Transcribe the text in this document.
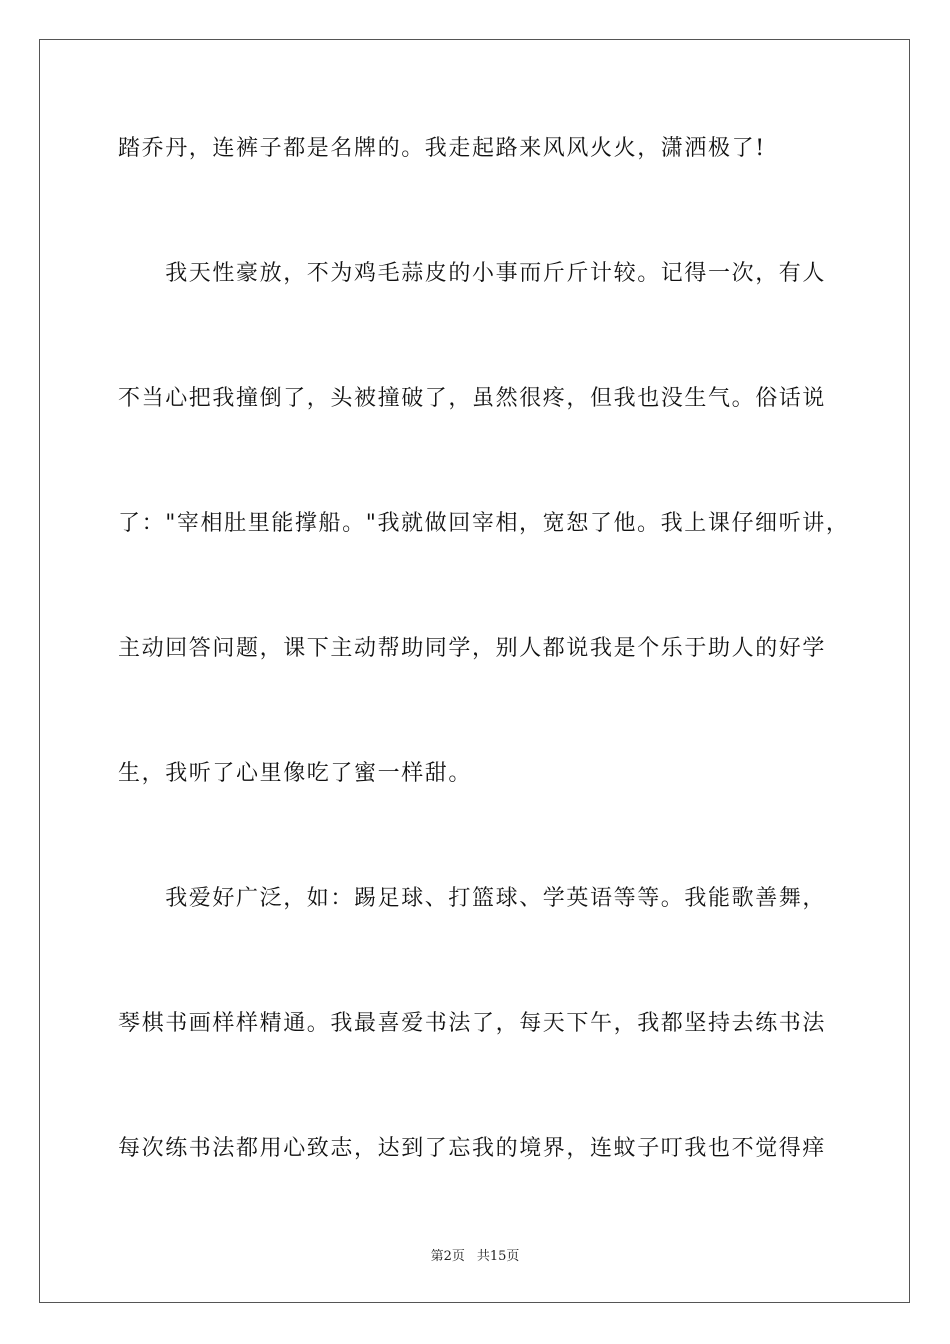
踏乔丹，连裤子都是名牌的。我走起路来风风火火，潇洒极了!
　　我天性豪放，不为鸡毛蒜皮的小事而斤斤计较。记得一次，有人
不当心把我撞倒了，头被撞破了，虽然很疼，但我也没生气。俗话说
了："宰相肚里能撑船。"我就做回宰相，宽恕了他。我上课仔细听讲，
主动回答问题，课下主动帮助同学，别人都说我是个乐于助人的好学
生，我听了心里像吃了蜜一样甜。
　　我爱好广泛，如：踢足球、打篮球、学英语等等。我能歌善舞，
琴棋书画样样精通。我最喜爱书法了，每天下午，我都坚持去练书法
每次练书法都用心致志，达到了忘我的境界，连蚊子叮我也不觉得痒
第2页 共15页
